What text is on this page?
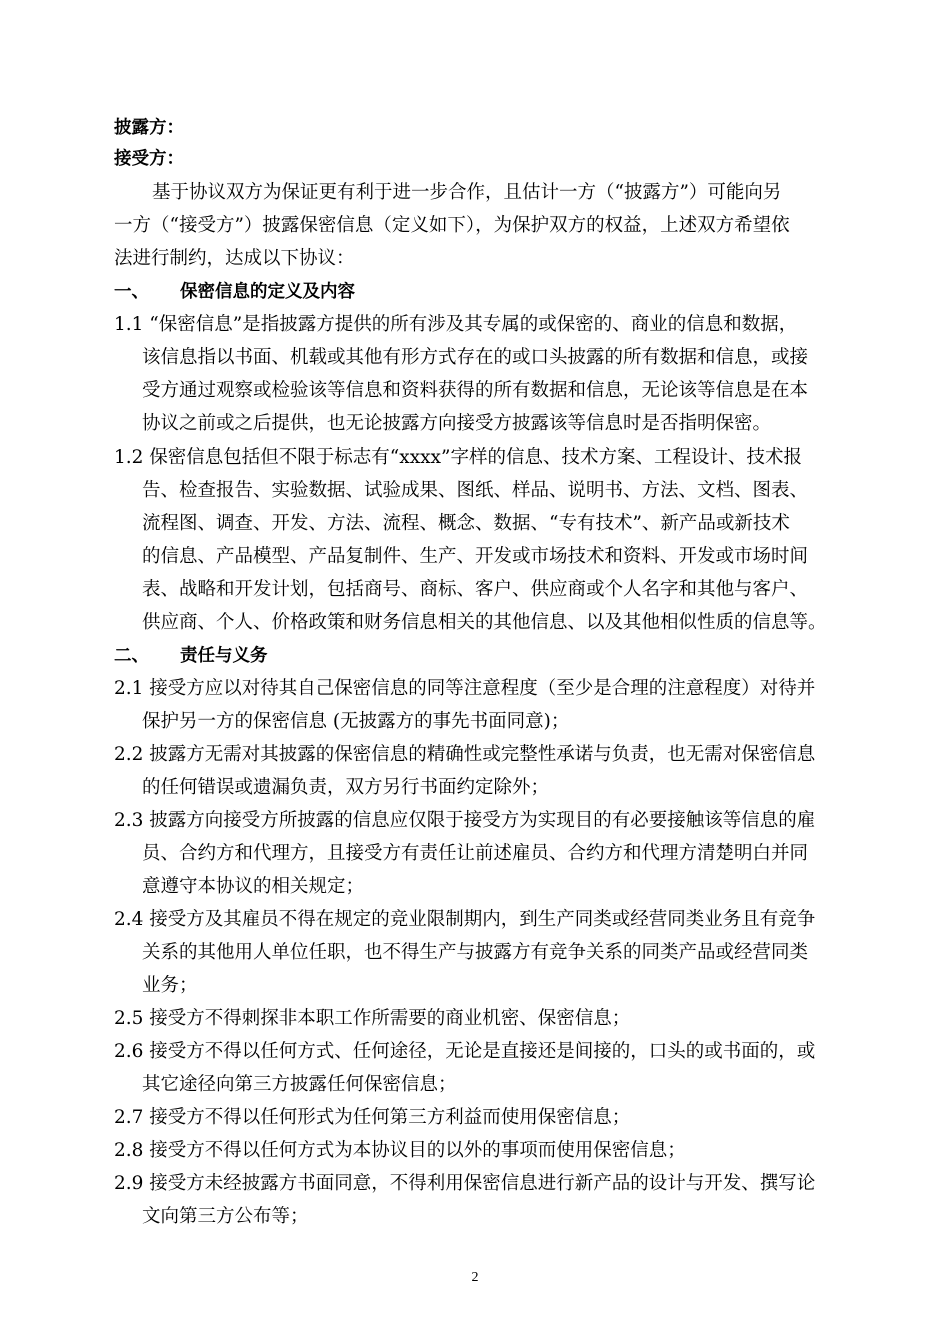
披露方：
接受方：
基于协议双方为保证更有利于进一步合作，且估计一方（“披露方”）可能向另
一方（“接受方”）披露保密信息（定义如下），为保护双方的权益，上述双方希望依
法进行制约，达成以下协议：
一、 保密信息的定义及内容
1.1 “保密信息”是指披露方提供的所有涉及其专属的或保密的、商业的信息和数据，
该信息指以书面、机载或其他有形方式存在的或口头披露的所有数据和信息，或接
受方通过观察或检验该等信息和资料获得的所有数据和信息，无论该等信息是在本
协议之前或之后提供，也无论披露方向接受方披露该等信息时是否指明保密。
1.2 保密信息包括但不限于标志有“xxxx”字样的信息、技术方案、工程设计、技术报
告、检查报告、实验数据、试验成果、图纸、样品、说明书、方法、文档、图表、
流程图、调查、开发、方法、流程、概念、数据、“专有技术”、新产品或新技术
的信息、产品模型、产品复制件、生产、开发或市场技术和资料、开发或市场时间
表、战略和开发计划，包括商号、商标、客户、供应商或个人名字和其他与客户、
供应商、个人、价格政策和财务信息相关的其他信息、以及其他相似性质的信息等。
二、 责任与义务
2.1 接受方应以对待其自己保密信息的同等注意程度（至少是合理的注意程度）对待并
保护另一方的保密信息 (无披露方的事先书面同意)；
2.2 披露方无需对其披露的保密信息的精确性或完整性承诺与负责，也无需对保密信息
的任何错误或遗漏负责，双方另行书面约定除外；
2.3 披露方向接受方所披露的信息应仅限于接受方为实现目的有必要接触该等信息的雇
员、合约方和代理方，且接受方有责任让前述雇员、合约方和代理方清楚明白并同
意遵守本协议的相关规定；
2.4 接受方及其雇员不得在规定的竞业限制期内，到生产同类或经营同类业务且有竞争
关系的其他用人单位任职，也不得生产与披露方有竞争关系的同类产品或经营同类
业务；
2.5 接受方不得刺探非本职工作所需要的商业机密、保密信息；
2.6 接受方不得以任何方式、任何途径，无论是直接还是间接的，口头的或书面的，或
其它途径向第三方披露任何保密信息；
2.7 接受方不得以任何形式为任何第三方利益而使用保密信息；
2.8 接受方不得以任何方式为本协议目的以外的事项而使用保密信息；
2.9 接受方未经披露方书面同意，不得利用保密信息进行新产品的设计与开发、撰写论
文向第三方公布等；
2
